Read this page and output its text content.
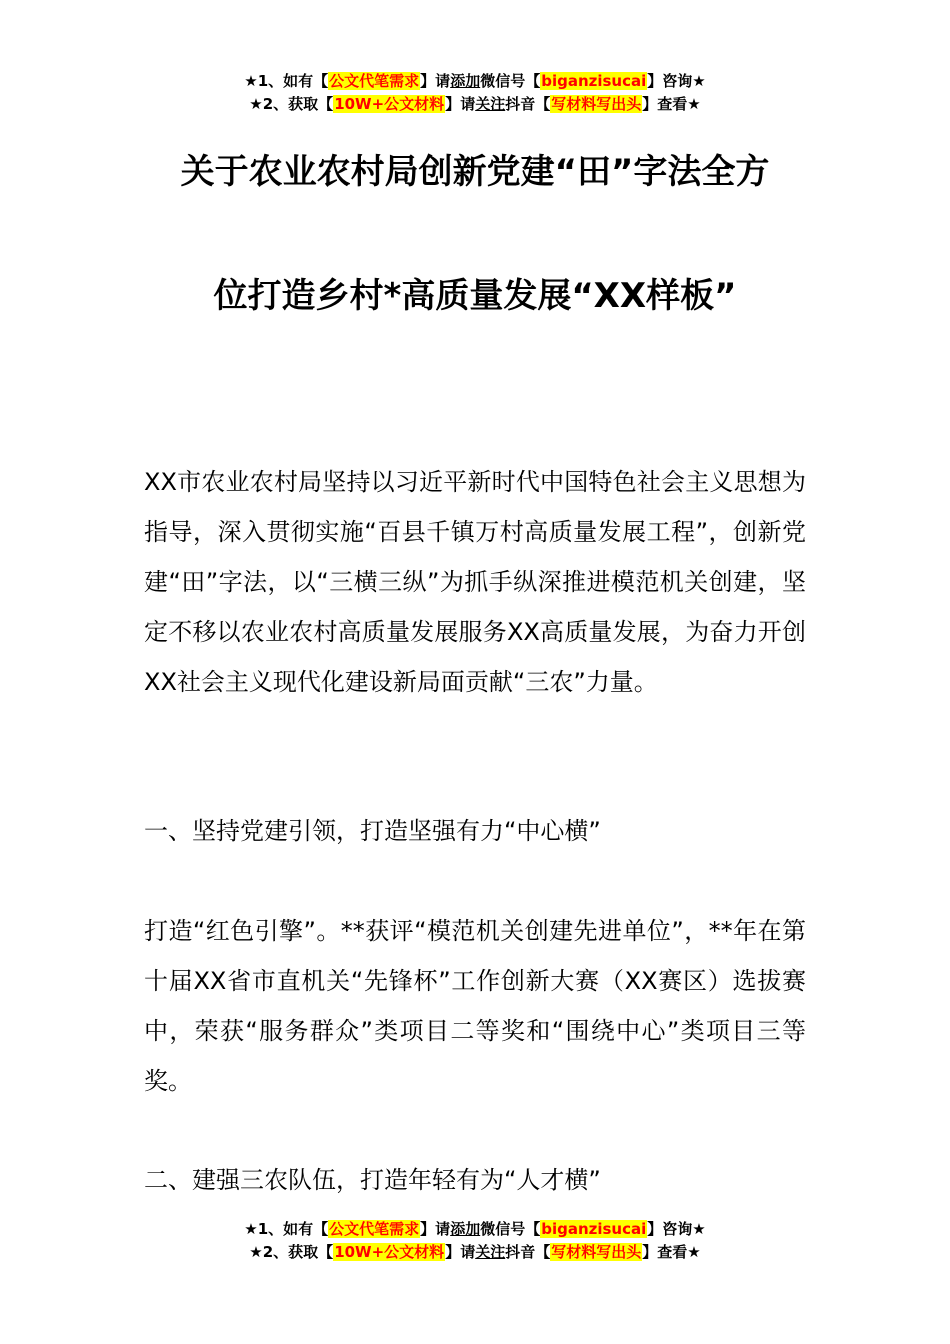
★1、如有【公文代笔需求】请添加微信号【biganzisucai】咨询★
★2、获取【10W+公文材料】请关注抖音【写材料写出头】查看★
关于农业农村局创新党建“田”字法全方
位打造乡村*高质量发展“XX样板”

XX市农业农村局坚持以习近平新时代中国特色社会主义思想为指导，深入贯彻实施“百县千镇万村高质量发展工程”，创新党建“田”字法，以“三横三纵”为抓手纵深推进模范机关创建，坚定不移以农业农村高质量发展服务XX高质量发展，为奋力开创XX社会主义现代化建设新局面贡献“三农”力量。

一、坚持党建引领，打造坚强有力“中心横”

打造“红色引擎”。**获评“模范机关创建先进单位”，**年在第十届XX省市直机关“先锋杯”工作创新大赛（XX赛区）选拔赛中，荣获“服务群众”类项目二等奖和“围绕中心”类项目三等奖。

二、建强三农队伍，打造年轻有为“人才横”

★1、如有【公文代笔需求】请添加微信号【biganzisucai】咨询★
★2、获取【10W+公文材料】请关注抖音【写材料写出头】查看★
